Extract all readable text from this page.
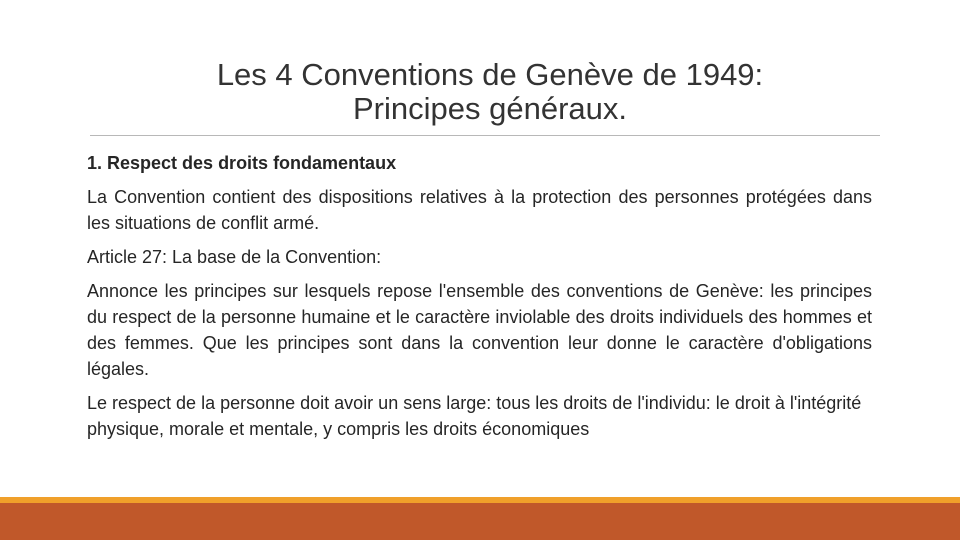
Les 4 Conventions de Genève de 1949:
Principes généraux.

1. Respect des droits fondamentaux

La Convention contient des dispositions relatives à la protection des personnes protégées dans les situations de conflit armé.

Article 27: La base de la Convention:

Annonce les principes sur lesquels repose l'ensemble des conventions de Genève: les principes du respect de la personne humaine et le caractère inviolable des droits individuels des hommes et des femmes. Que les principes sont dans la convention leur donne le caractère d'obligations légales.

Le respect de la personne doit avoir un sens large: tous les droits de l'individu: le droit à l'intégrité physique, morale et mentale, y compris les droits économiques
